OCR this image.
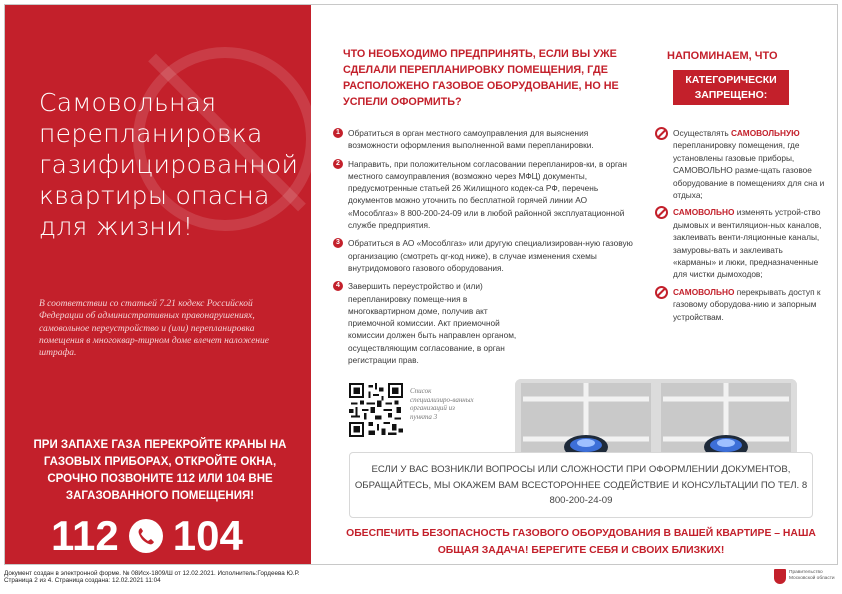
Самовольная перепланировка газифицированной квартиры опасна для жизни!
В соответствии со статьей 7.21 кодекс Российской Федерации об административных правонарушениях, самовольное переустройство и (или) перепланировка помещения в многоквар-тирном доме влечет наложение штрафа.
ПРИ ЗАПАХЕ ГАЗА ПЕРЕКРОЙТЕ КРАНЫ НА ГАЗОВЫХ ПРИБОРАХ, ОТКРОЙТЕ ОКНА, СРОЧНО ПОЗВОНИТЕ 112 ИЛИ 104 ВНЕ ЗАГАЗОВАННОГО ПОМЕЩЕНИЯ!
112 104
ЧТО НЕОБХОДИМО ПРЕДПРИНЯТЬ, ЕСЛИ ВЫ УЖЕ СДЕЛАЛИ ПЕРЕПЛАНИРОВКУ ПОМЕЩЕНИЯ, ГДЕ РАСПОЛОЖЕНО ГАЗОВОЕ ОБОРУДОВАНИЕ, НО НЕ УСПЕЛИ ОФОРМИТЬ?
1 Обратиться в орган местного самоуправления для выяснения возможности оформления выполненной вами перепланировки.
2 Направить, при положительном согласовании перепланиров-ки, в орган местного самоуправления (возможно через МФЦ) документы, предусмотренные статьей 26 Жилищного кодек-са РФ, перечень документов можно уточнить по бесплатной горячей линии АО «Мособлгаз» 8 800-200-24-09 или в любой районной эксплуатационной службе предприятия.
3 Обратиться в АО «Мособлгаз» или другую специализирован-ную газовую организацию (смотреть qr-код ниже), в случае изменения схемы внутридомового газового оборудования.
4 Завершить переустройство и (или) перепланировку помеще-ния в многоквартирном доме, получив акт приемочной комиссии. Акт приемочной комиссии должен быть направлен органом, осуществляющим согласование, в орган регистрации прав.
НАПОМИНАЕМ, ЧТО
КАТЕГОРИЧЕСКИ ЗАПРЕЩЕНО:
Осуществлять САМОВОЛЬНУЮ перепланировку помещения, где установлены газовые приборы, САМОВОЛЬНО разме-щать газовое оборудование в помещениях для сна и отдыха;
САМОВОЛЬНО изменять устрой-ство дымовых и вентиляцион-ных каналов, заклеивать венти-ляционные каналы, замуровы-вать и заклеивать «карманы» и люки, предназначенные для чистки дымоходов;
САМОВОЛЬНО перекрывать доступ к газовому оборудова-нию и запорным устройствам.
Список специализиро-ванных организаций из пункта 3
ЕСЛИ У ВАС ВОЗНИКЛИ ВОПРОСЫ ИЛИ СЛОЖНОСТИ ПРИ ОФОРМЛЕНИИ ДОКУМЕНТОВ, ОБРАЩАЙТЕСЬ, МЫ ОКАЖЕМ ВАМ ВСЕСТОРОННЕЕ СОДЕЙСТВИЕ И КОНСУЛЬТАЦИИ ПО ТЕЛ. 8 800-200-24-09
ОБЕСПЕЧИТЬ БЕЗОПАСНОСТЬ ГАЗОВОГО ОБОРУДОВАНИЯ В ВАШЕЙ КВАРТИРЕ – НАША ОБЩАЯ ЗАДАЧА! БЕРЕГИТЕ СЕБЯ И СВОИХ БЛИЗКИХ!
Документ создан в электронной форме. № 08Исх-1809/Ш от 12.02.2021. Исполнитель:Гордеева Ю.Р.
Страница 2 из 4. Страница создана: 12.02.2021 11:04
Правительство Московской области
